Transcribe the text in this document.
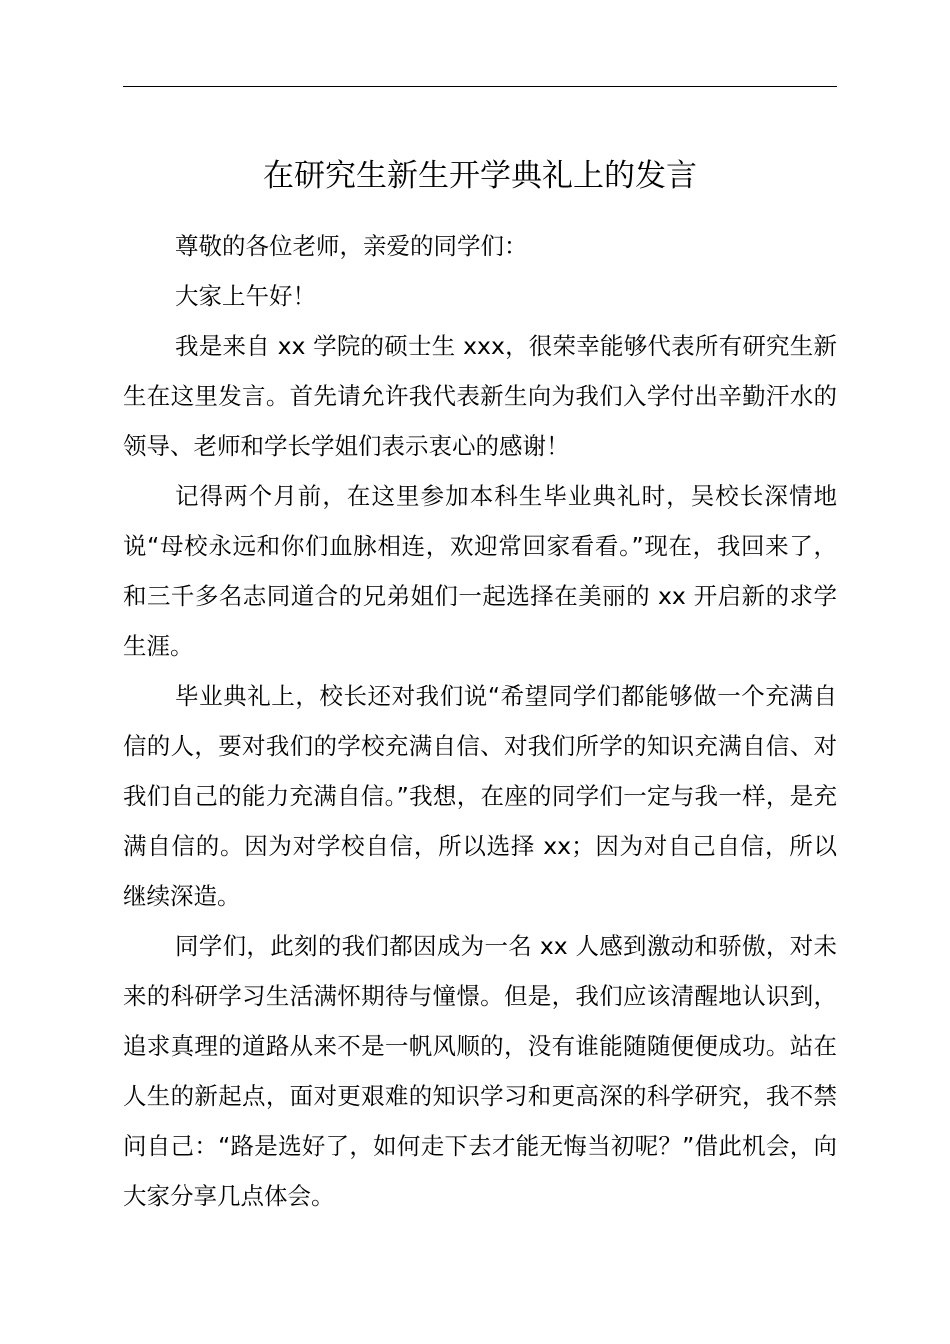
在研究生新生开学典礼上的发言

尊敬的各位老师，亲爱的同学们：

大家上午好！

我是来自 xx 学院的硕士生 xxx，很荣幸能够代表所有研究生新生在这里发言。首先请允许我代表新生向为我们入学付出辛勤汗水的领导、老师和学长学姐们表示衷心的感谢！

记得两个月前，在这里参加本科生毕业典礼时，吴校长深情地说“母校永远和你们血脉相连，欢迎常回家看看。”现在，我回来了，和三千多名志同道合的兄弟姐们一起选择在美丽的 xx 开启新的求学生涯。

毕业典礼上，校长还对我们说“希望同学们都能够做一个充满自信的人，要对我们的学校充满自信、对我们所学的知识充满自信、对我们自己的能力充满自信。”我想，在座的同学们一定与我一样，是充满自信的。因为对学校自信，所以选择 xx；因为对自己自信，所以继续深造。

同学们，此刻的我们都因成为一名 xx 人感到激动和骄傲，对未来的科研学习生活满怀期待与憧憬。但是，我们应该清醒地认识到，追求真理的道路从来不是一帆风顺的，没有谁能随随便便成功。站在人生的新起点，面对更艰难的知识学习和更高深的科学研究，我不禁问自己：“路是选好了，如何走下去才能无悔当初呢？”借此机会，向大家分享几点体会。
